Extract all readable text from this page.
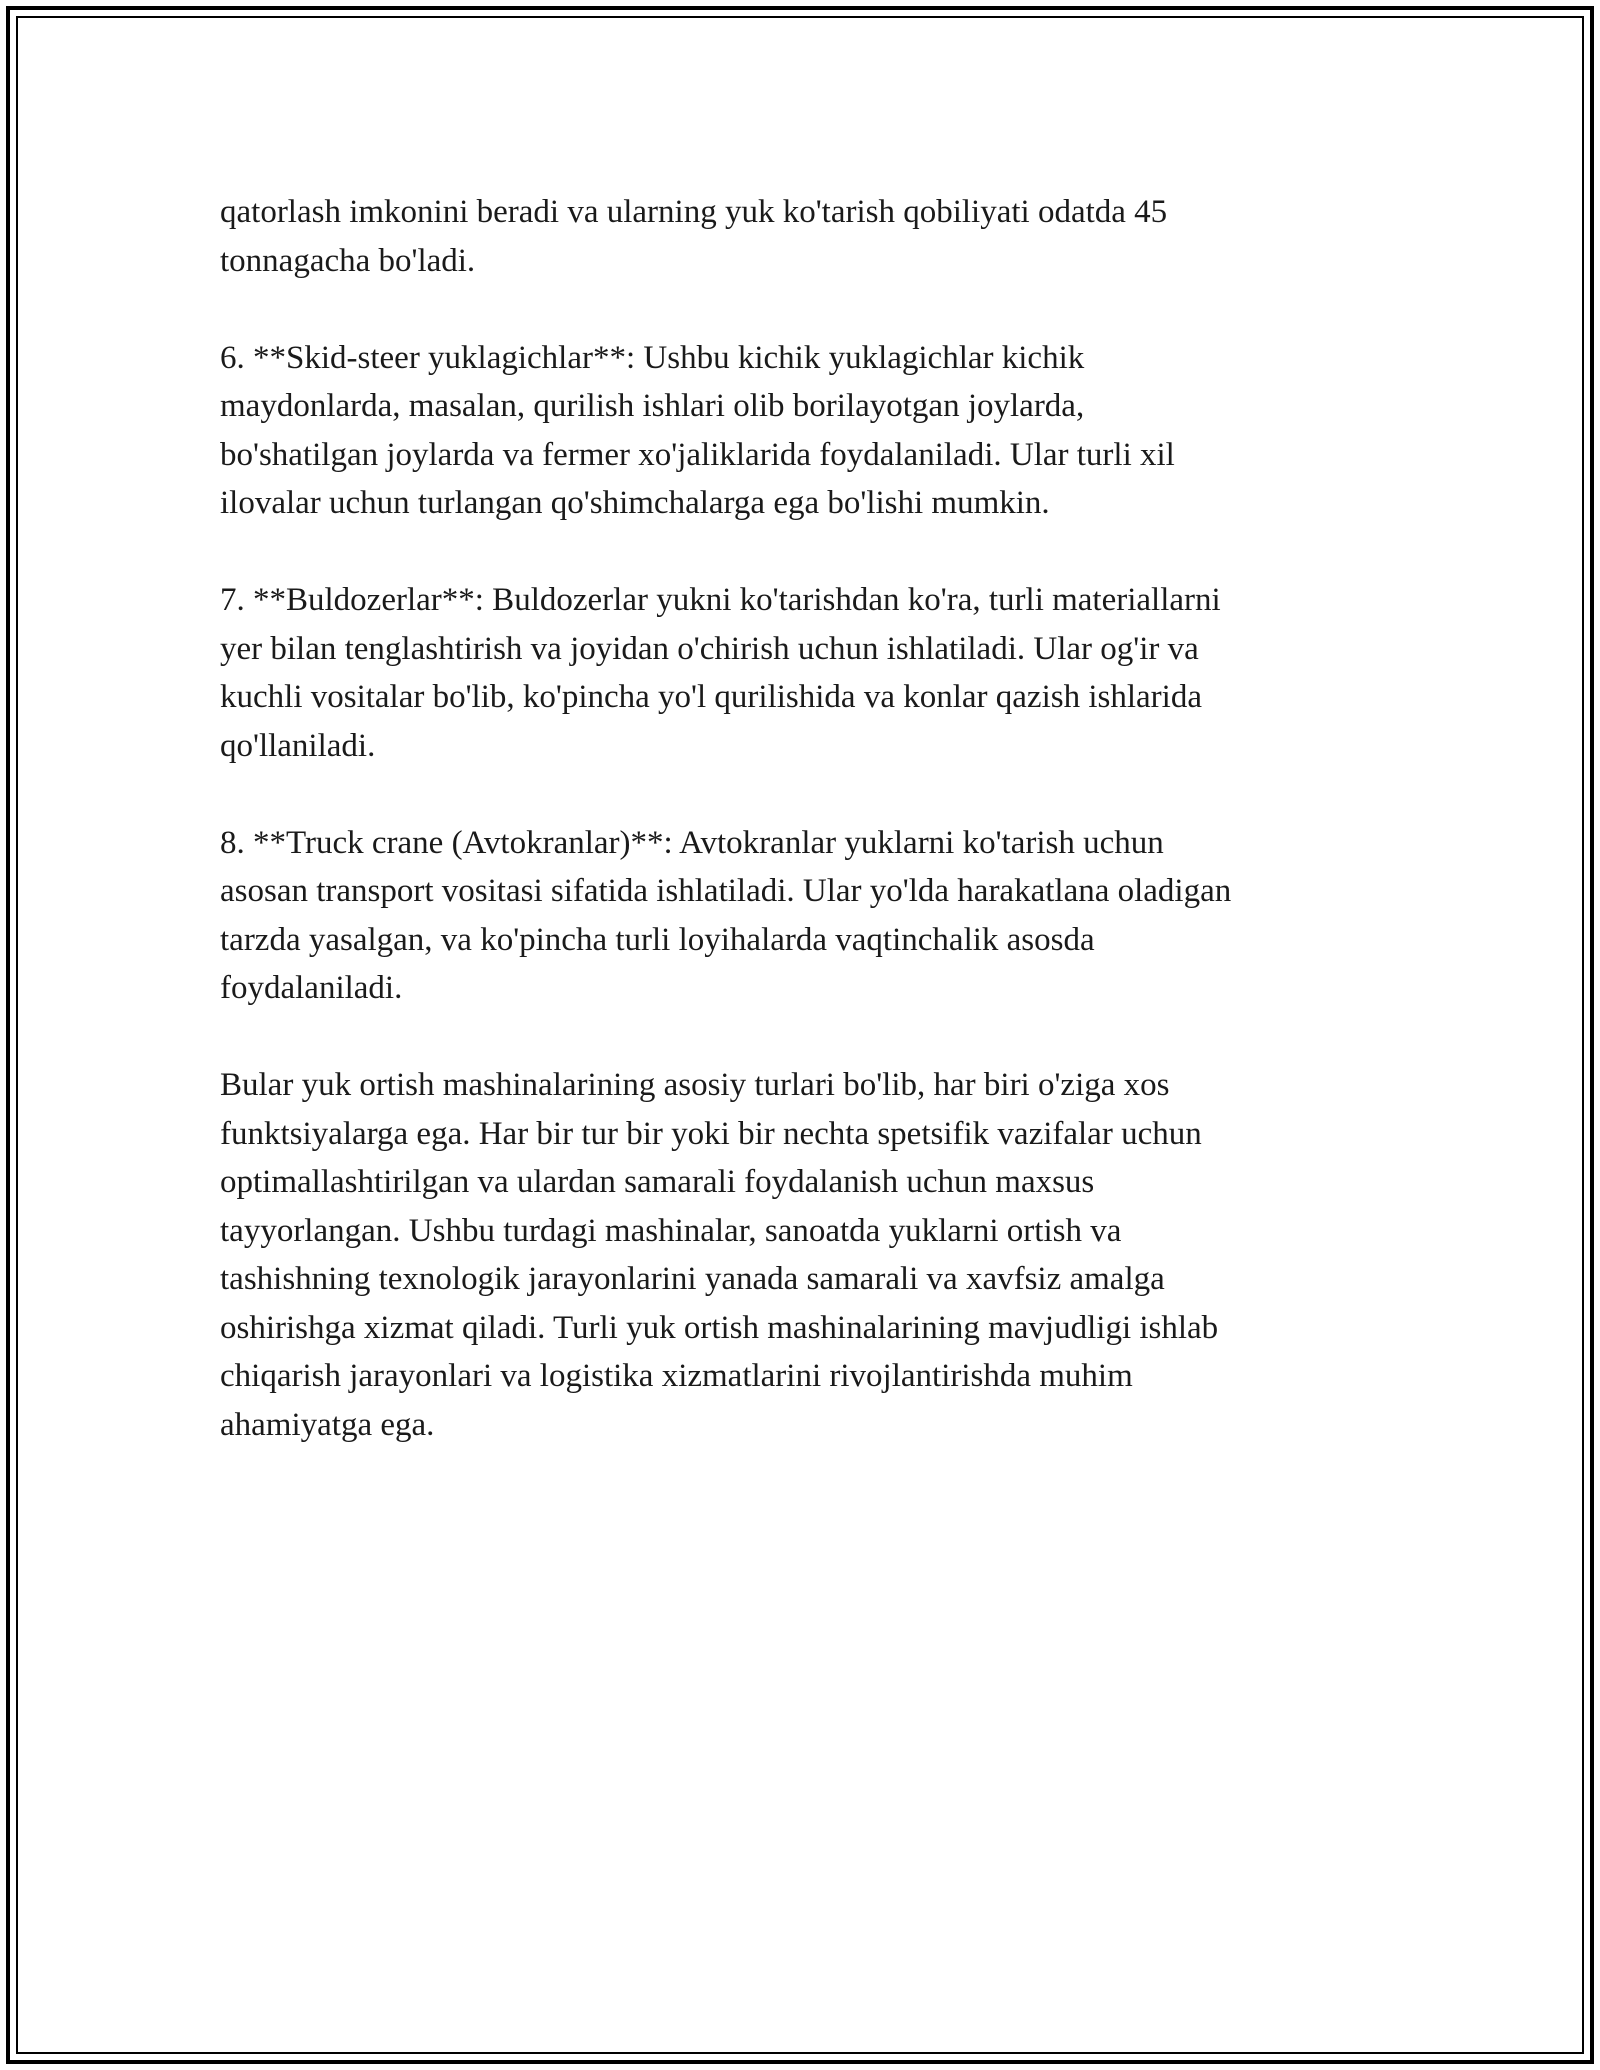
qatorlash imkonini beradi va ularning yuk ko'tarish qobiliyati odatda 45
tonnagacha bo'ladi.

6. **Skid-steer yuklagichlar**: Ushbu kichik yuklagichlar kichik
maydonlarda, masalan, qurilish ishlari olib borilayotgan joylarda,
bo'shatilgan joylarda va fermer xo'jaliklarida foydalaniladi. Ular turli xil
ilovalar uchun turlangan qo'shimchalarga ega bo'lishi mumkin.

7. **Buldozerlar**: Buldozerlar yukni ko'tarishdan ko'ra, turli materiallarni
yer bilan tenglashtirish va joyidan o'chirish uchun ishlatiladi. Ular og'ir va
kuchli vositalar bo'lib, ko'pincha yo'l qurilishida va konlar qazish ishlarida
qo'llaniladi.

8. **Truck crane (Avtokranlar)**: Avtokranlar yuklarni ko'tarish uchun
asosan transport vositasi sifatida ishlatiladi. Ular yo'lda harakatlana oladigan
tarzda yasalgan, va ko'pincha turli loyihalarda vaqtinchalik asosda
foydalaniladi.

Bular yuk ortish mashinalarining asosiy turlari bo'lib, har biri o'ziga xos
funktsiyalarga ega. Har bir tur bir yoki bir nechta spetsifik vazifalar uchun
optimallashtirilgan va ulardan samarali foydalanish uchun maxsus
tayyorlangan. Ushbu turdagi mashinalar, sanoatda yuklarni ortish va
tashishning texnologik jarayonlarini yanada samarali va xavfsiz amalga
oshirishga xizmat qiladi. Turli yuk ortish mashinalarining mavjudligi ishlab
chiqarish jarayonlari va logistika xizmatlarini rivojlantirishda muhim
ahamiyatga ega.
